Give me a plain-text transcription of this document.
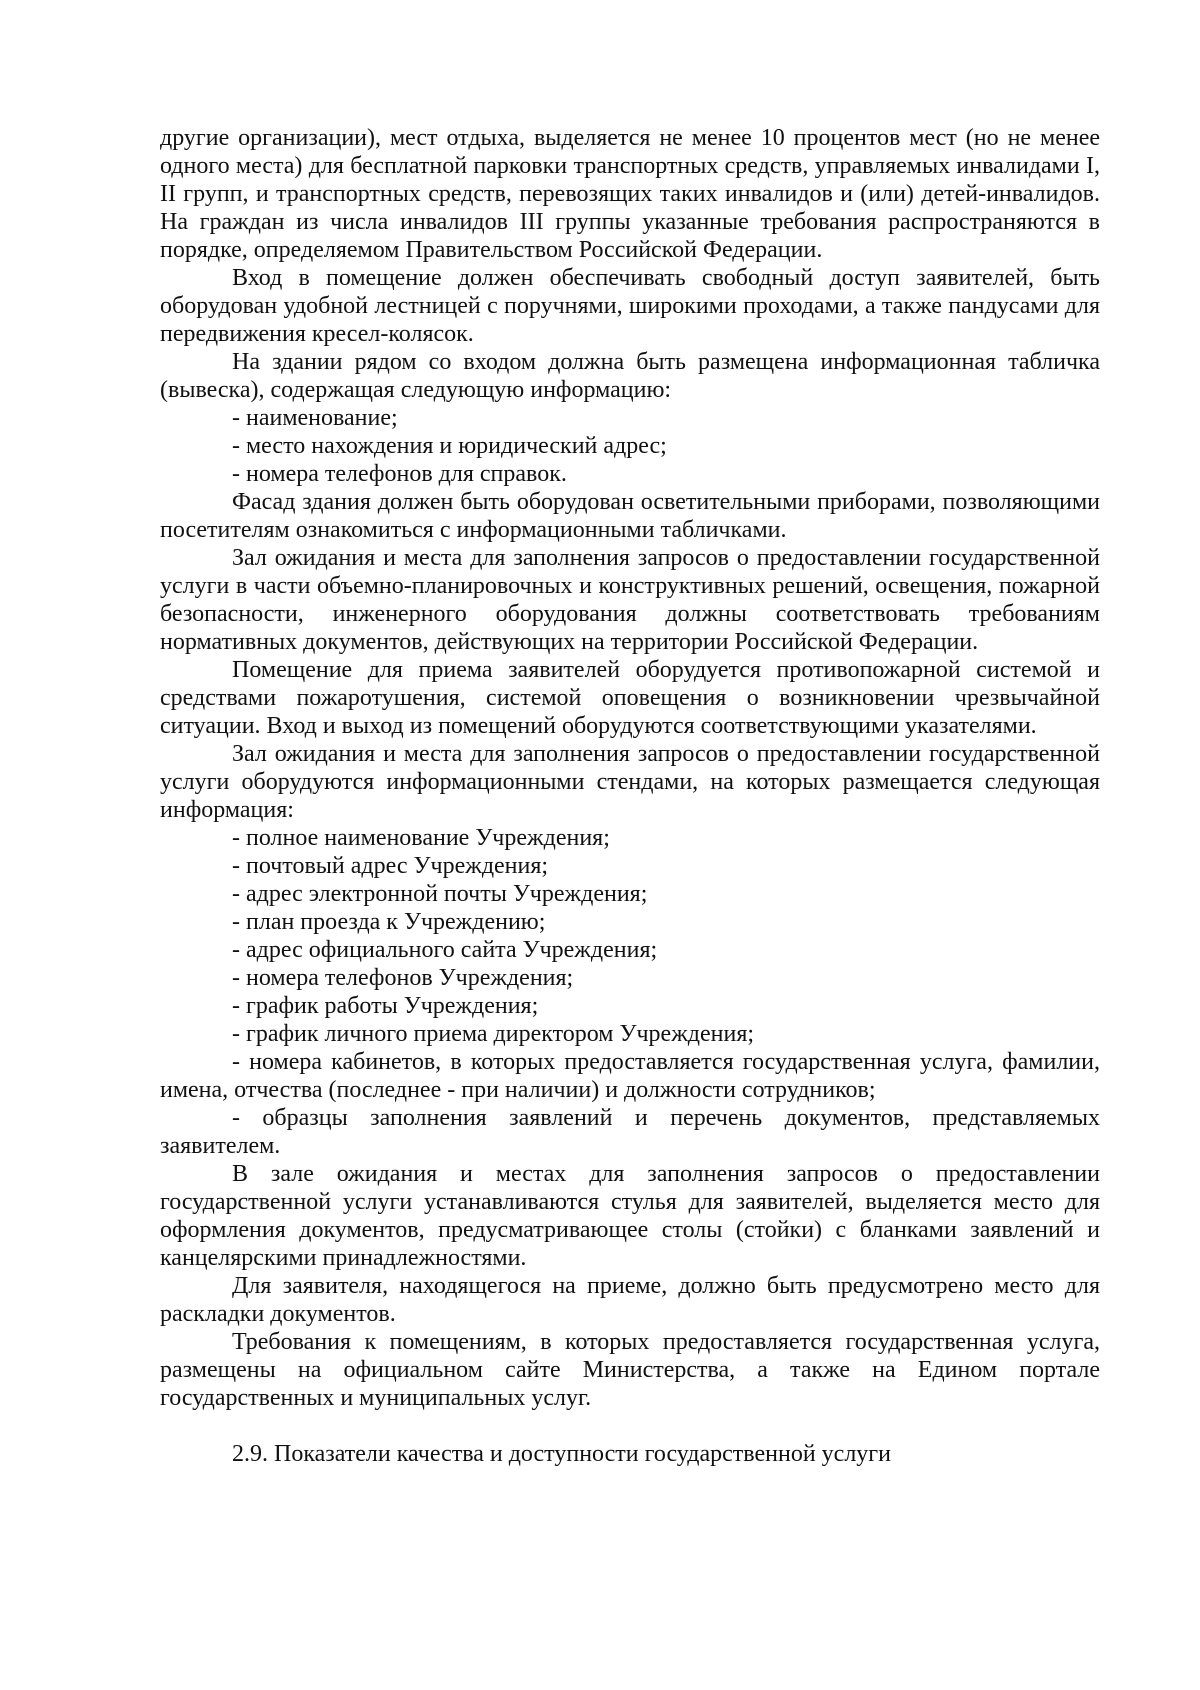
другие организации), мест отдыха, выделяется не менее 10 процентов мест (но не менее одного места) для бесплатной парковки транспортных средств, управляемых инвалидами I, II групп, и транспортных средств, перевозящих таких инвалидов и (или) детей-инвалидов. На граждан из числа инвалидов III группы указанные требования распространяются в порядке, определяемом Правительством Российской Федерации.

Вход в помещение должен обеспечивать свободный доступ заявителей, быть оборудован удобной лестницей с поручнями, широкими проходами, а также пандусами для передвижения кресел-колясок.

На здании рядом со входом должна быть размещена информационная табличка (вывеска), содержащая следующую информацию:

- наименование;
- место нахождения и юридический адрес;
- номера телефонов для справок.

Фасад здания должен быть оборудован осветительными приборами, позволяющими посетителям ознакомиться с информационными табличками.

Зал ожидания и места для заполнения запросов о предоставлении государственной услуги в части объемно-планировочных и конструктивных решений, освещения, пожарной безопасности, инженерного оборудования должны соответствовать требованиям нормативных документов, действующих на территории Российской Федерации.

Помещение для приема заявителей оборудуется противопожарной системой и средствами пожаротушения, системой оповещения о возникновении чрезвычайной ситуации. Вход и выход из помещений оборудуются соответствующими указателями.

Зал ожидания и места для заполнения запросов о предоставлении государственной услуги оборудуются информационными стендами, на которых размещается следующая информация:

- полное наименование Учреждения;
- почтовый адрес Учреждения;
- адрес электронной почты Учреждения;
- план проезда к Учреждению;
- адрес официального сайта Учреждения;
- номера телефонов Учреждения;
- график работы Учреждения;
- график личного приема директором Учреждения;
- номера кабинетов, в которых предоставляется государственная услуга, фамилии, имена, отчества (последнее - при наличии) и должности сотрудников;
- образцы заполнения заявлений и перечень документов, представляемых заявителем.

В зале ожидания и местах для заполнения запросов о предоставлении государственной услуги устанавливаются стулья для заявителей, выделяется место для оформления документов, предусматривающее столы (стойки) с бланками заявлений и канцелярскими принадлежностями.

Для заявителя, находящегося на приеме, должно быть предусмотрено место для раскладки документов.

Требования к помещениям, в которых предоставляется государственная услуга, размещены на официальном сайте Министерства, а также на Едином портале государственных и муниципальных услуг.

2.9. Показатели качества и доступности государственной услуги
